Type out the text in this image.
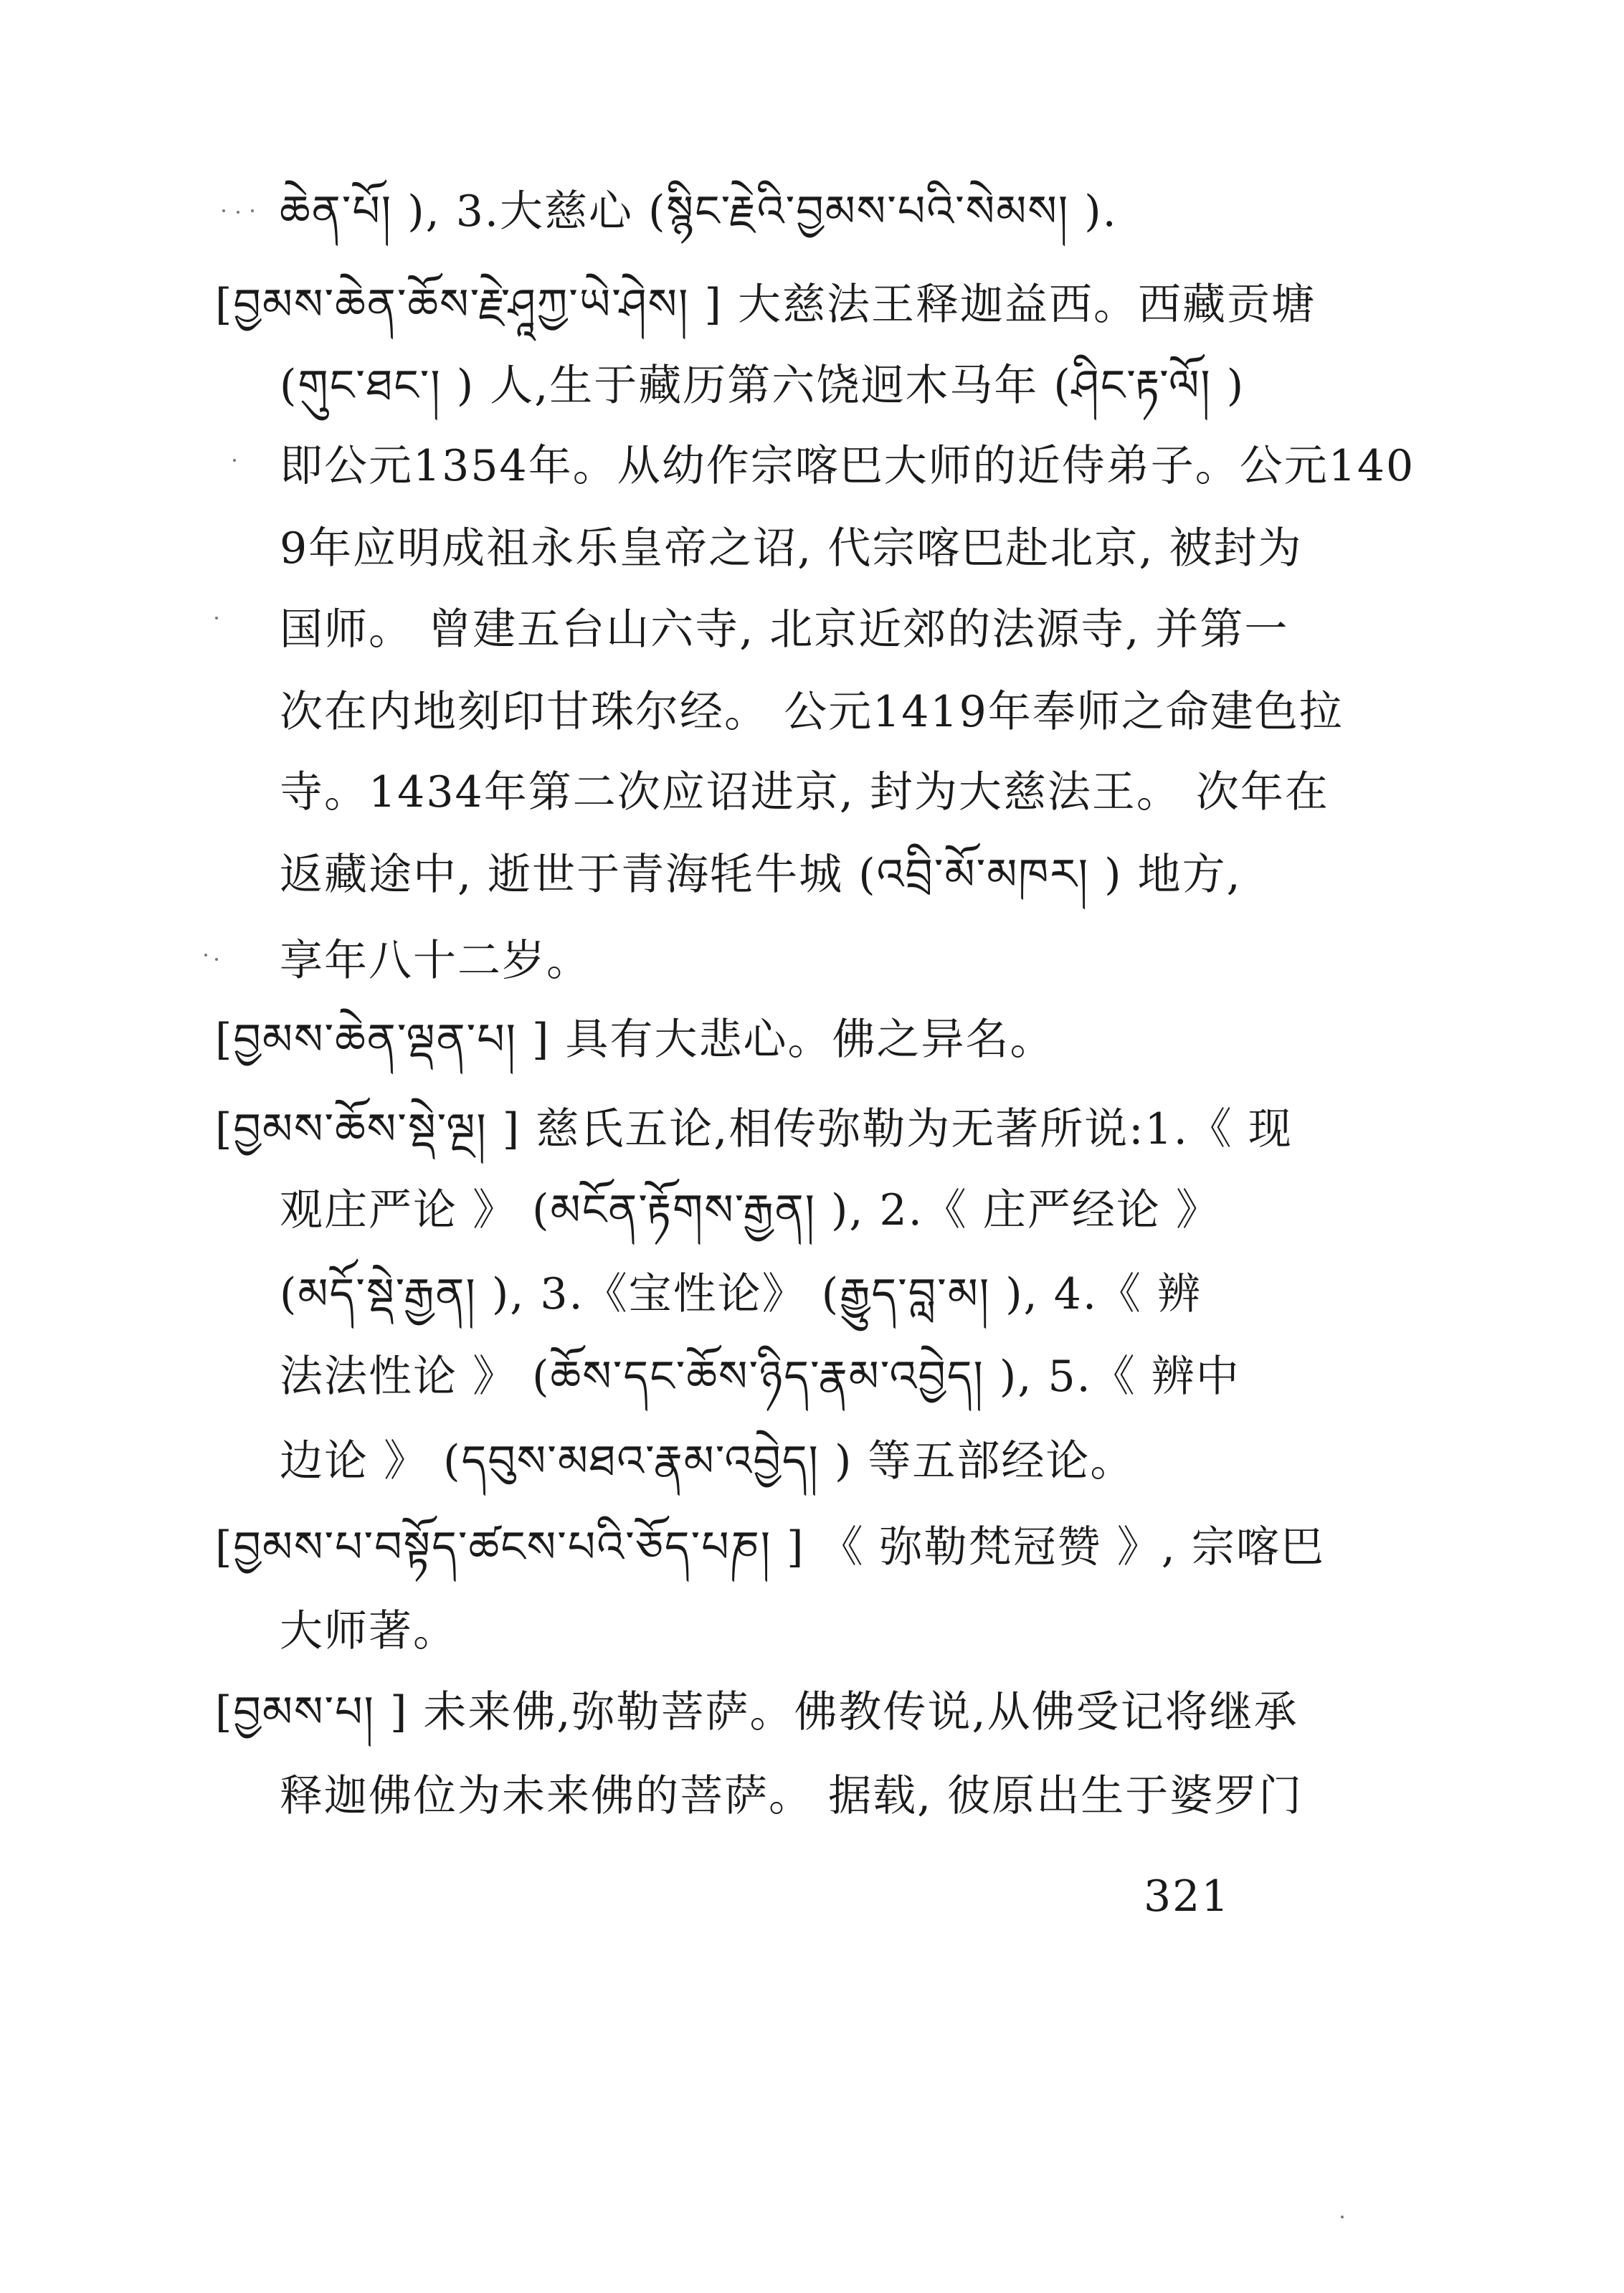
ཆེན་པོ། ), 3.大慈心 (སྙིང་རྗེའི་བྱམས་པའི་སེམས། ).
[བྱམས་ཆེན་ཆོས་རྗེ་ཤཱཀྱ་ཡེ་ཤེས། ] 大慈法王释迦益西。西藏贡塘
(གུང་ཐང་། ) 人,生于藏历第六饶迥木马年 (ཤིང་རྟ་ལོ། )
即公元1354年。从幼作宗喀巴大师的近侍弟子。公元140
9年应明成祖永乐皇帝之诏, 代宗喀巴赴北京, 被封为
国师。 曾建五台山六寺, 北京近郊的法源寺, 并第一
次在内地刻印甘珠尔经。 公元1419年奉师之命建色拉
寺。1434年第二次应诏进京, 封为大慈法王。 次年在
返藏途中, 逝世于青海牦牛城 (འབྲི་མོ་མཁར། ) 地方,
享年八十二岁。
[བྱམས་ཆེན་ལྡན་པ། ] 具有大悲心。佛之异名。
[བྱམས་ཆོས་སྡེ་ལྔ། ] 慈氏五论,相传弥勒为无著所说:1.《 现
观庄严论 》 (མངོན་རྟོགས་རྒྱན། ), 2.《 庄严经论 》
(མདོ་སྡེ་རྒྱན། ), 3.《宝性论》 (རྒྱུད་བླ་མ། ), 4.《 辨
法法性论 》 (ཆོས་དང་ཆོས་ཉིད་རྣམ་འབྱེད། ), 5.《 辨中
边论 》 (དབུས་མཐའ་རྣམ་འབྱེད། ) 等五部经论。
[བྱམས་པ་བསྟོད་ཚངས་པའི་ཅོད་པཎ། ] 《 弥勒梵冠赞 》, 宗喀巴
大师著。
[བྱམས་པ། ] 未来佛,弥勒菩萨。佛教传说,从佛受记将继承
释迦佛位为未来佛的菩萨。 据载, 彼原出生于婆罗门
321
